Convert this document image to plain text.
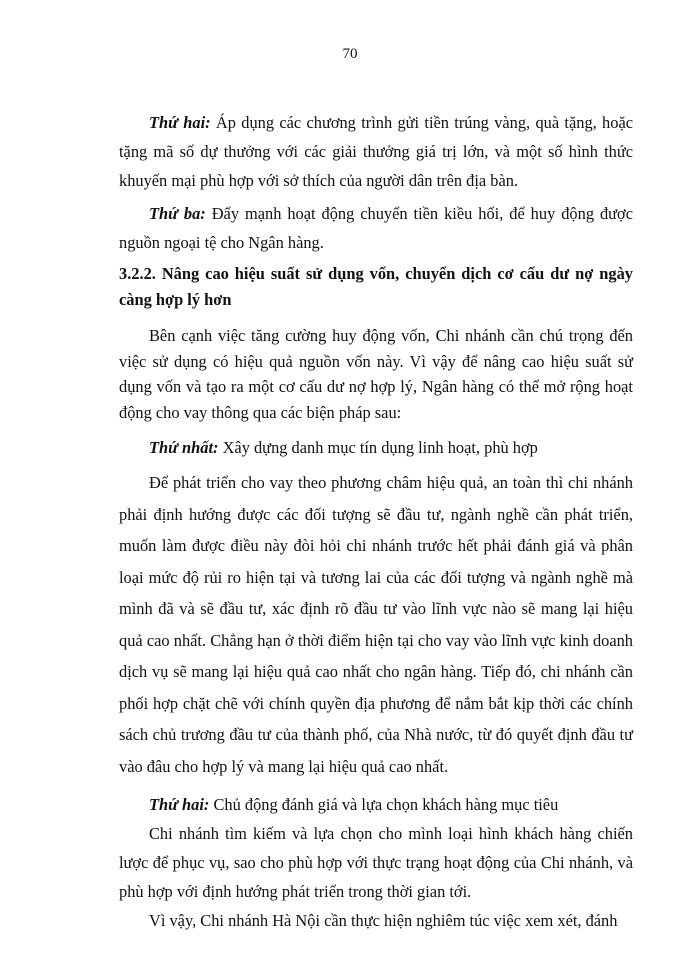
70

Thứ hai: Áp dụng các chương trình gửi tiền trúng vàng, quà tặng, hoặc tặng mã số dự thưởng với các giải thưởng giá trị lớn, và một số hình thức khuyến mại phù hợp với sở thích của người dân trên địa bàn.

Thứ ba: Đẩy mạnh hoạt động chuyển tiền kiều hối, để huy động được nguồn ngoại tệ cho Ngân hàng.

3.2.2. Nâng cao hiệu suất sử dụng vốn, chuyển dịch cơ cấu dư nợ ngày càng hợp lý hơn

Bên cạnh việc tăng cường huy động vốn, Chi nhánh cần chú trọng đến việc sử dụng có hiệu quả nguồn vốn này. Vì vậy để nâng cao hiệu suất sử dụng vốn và tạo ra một cơ cấu dư nợ hợp lý, Ngân hàng có thể mở rộng hoạt động cho vay thông qua các biện pháp sau:

Thứ nhất: Xây dựng danh mục tín dụng linh hoạt, phù hợp

Để phát triển cho vay theo phương châm hiệu quả, an toàn thì chi nhánh phải định hướng được các đối tượng sẽ đầu tư, ngành nghề cần phát triển, muốn làm được điều này đòi hỏi chi nhánh trước hết phải đánh giá và phân loại mức độ rủi ro hiện tại và tương lai của các đối tượng và ngành nghề mà mình đã và sẽ đầu tư, xác định rõ đầu tư vào lĩnh vực nào sẽ mang lại hiệu quả cao nhất. Chẳng hạn ở thời điểm hiện tại cho vay vào lĩnh vực kinh doanh dịch vụ sẽ mang lại hiệu quả cao nhất cho ngân hàng. Tiếp đó, chi nhánh cần phối hợp chặt chẽ với chính quyền địa phương để nắm bắt kịp thời các chính sách chủ trương đầu tư của thành phố, của Nhà nước, từ đó quyết định đầu tư vào đâu cho hợp lý và mang lại hiệu quả cao nhất.

Thứ hai: Chủ động đánh giá và lựa chọn khách hàng mục tiêu

Chi nhánh tìm kiếm và lựa chọn cho mình loại hình khách hàng chiến lược để phục vụ, sao cho phù hợp với thực trạng hoạt động của Chi nhánh, và phù hợp với định hướng phát triển trong thời gian tới.

Vì vậy, Chi nhánh Hà Nội cần thực hiện nghiêm túc việc xem xét, đánh
